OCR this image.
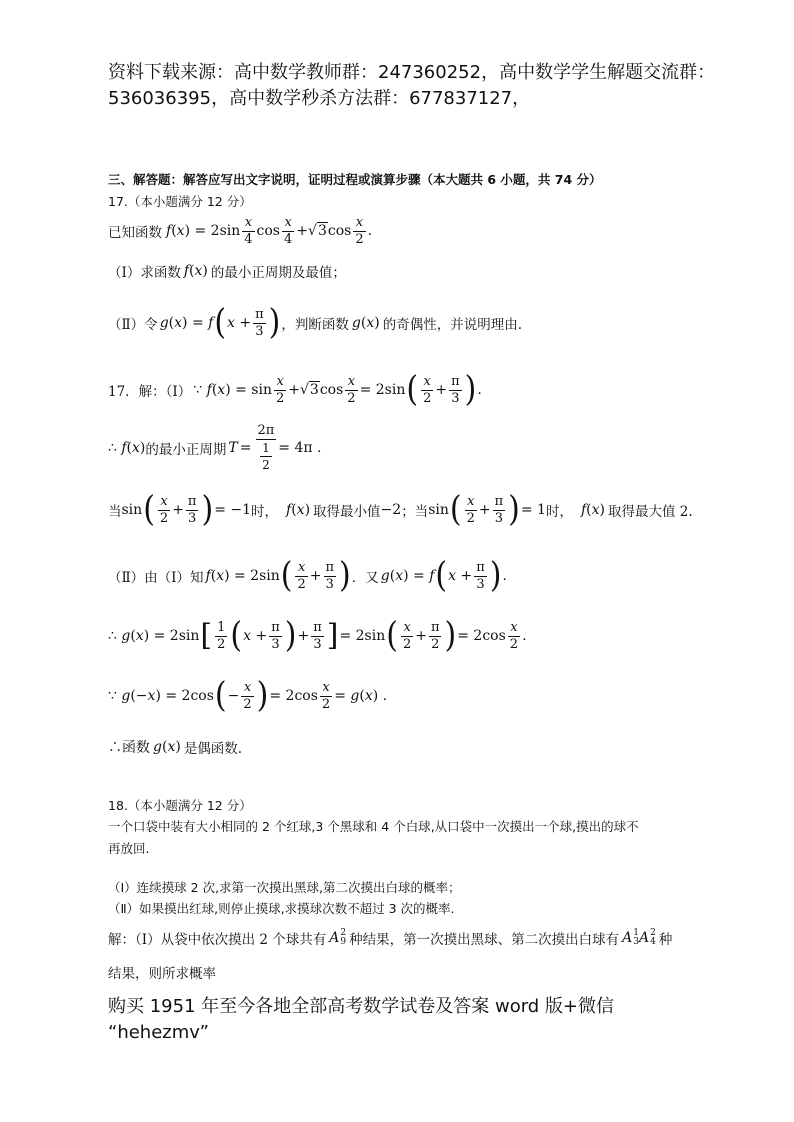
资料下载来源：高中数学教师群：247360252，高中数学学生解题交流群：
536036395，高中数学秒杀方法群：677837127，
三、解答题：解答应写出文字说明，证明过程或演算步骤（本大题共 6 小题，共 74 分）
17.（本小题满分 12 分）
已知函数 $f(x) = 2\sin \frac{x}{4}$ $\cos \frac{x}{4} + √3$ $\cos \frac{x}{2}$ .
（Ⅰ）求函数 f(x) 的最小正周期及最值；
（Ⅱ）令 g(x) = f ( $x + \frac{\pi}{3}$ ) ，判断函数 g(x) 的奇偶性，并说明理由.
17．解：（Ⅰ） ∵ $f(x) = \sin \frac{x}{2} + √3$ $\cos \frac{x}{2} = 2\sin$ ( $\frac{x}{2} + \frac{\pi}{3}$ ) .
∴ f(x) 的最小正周期 $T = \frac{2\pi}{\frac{1}{2}} = 4\pi$ .
当 sin ( $\frac{x}{2} + \frac{\pi}{3}$ ) = −1 时， f(x) 取得最小值 −2 ；当 sin ( $\frac{x}{2} + \frac{\pi}{3}$ ) = 1 时， f(x) 取得最大值 2.
（Ⅱ）由（Ⅰ）知 f(x) = 2sin ( $\frac{x}{2} + \frac{\pi}{3}$ ) ．又 g(x) = f ( $x + \frac{\pi}{3}$ ) .
∴ g(x) = 2sin [ $\frac{1}{2}$ ( $x + \frac{\pi}{3}$ ) + $\frac{\pi}{3}$ ] = 2sin ( $\frac{x}{2} + \frac{\pi}{2}$ ) = $2\cos \frac{x}{2}$ .
∵ g(−x) = 2cos ( − $\frac{x}{2}$ ) = $2\cos \frac{x}{2} = g(x)$ .
∴函数 g(x) 是偶函数.
18.（本小题满分 12 分）
一个口袋中装有大小相同的 2 个红球,3 个黑球和 4 个白球,从口袋中一次摸出一个球,摸出的球不
再放回.
（Ⅰ）连续摸球 2 次,求第一次摸出黑球,第二次摸出白球的概率；
（Ⅱ）如果摸出红球,则停止摸球,求摸球次数不超过 3 次的概率.
解：（Ⅰ）从袋中依次摸出 2 个球共有 A 2
9 种结果，第一次摸出黑球、第二次摸出白球有 A 1
3 A 2
4 种
结果，则所求概率
购买 1951 年至今各地全部高考数学试卷及答案 word 版+微信
“hehezmv”
